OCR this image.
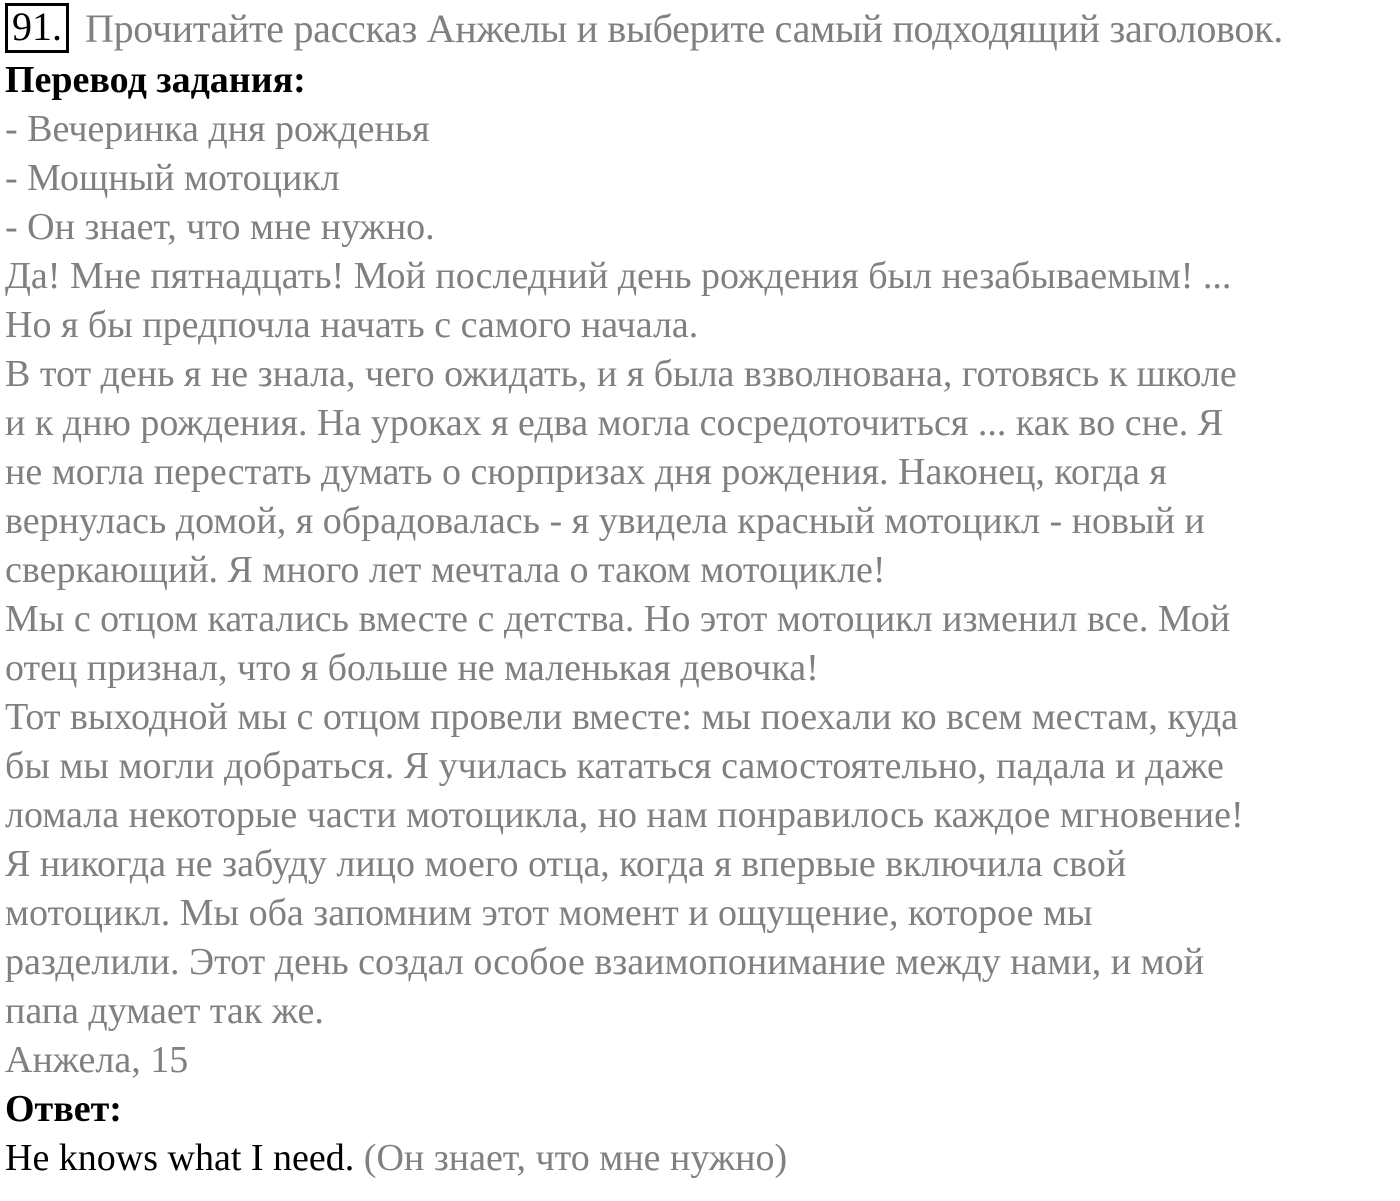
91. Прочитайте рассказ Анжелы и выберите самый подходящий заголовок.
Перевод задания:
- Вечеринка дня рожденья
- Мощный мотоцикл
- Он знает, что мне нужно.
Да! Мне пятнадцать! Мой последний день рождения был незабываемым! ...
Но я бы предпочла начать с самого начала.
В тот день я не знала, чего ожидать, и я была взволнована, готовясь к школе
и к дню рождения. На уроках я едва могла сосредоточиться ... как во сне. Я
не могла перестать думать о сюрпризах дня рождения. Наконец, когда я
вернулась домой, я обрадовалась - я увидела красный мотоцикл - новый и
сверкающий. Я много лет мечтала о таком мотоцикле!
Мы с отцом катались вместе с детства. Но этот мотоцикл изменил все. Мой
отец признал, что я больше не маленькая девочка!
Тот выходной мы с отцом провели вместе: мы поехали ко всем местам, куда
бы мы могли добраться. Я училась кататься самостоятельно, падала и даже
ломала некоторые части мотоцикла, но нам понравилось каждое мгновение!
Я никогда не забуду лицо моего отца, когда я впервые включила свой
мотоцикл. Мы оба запомним этот момент и ощущение, которое мы
разделили. Этот день создал особое взаимопонимание между нами, и мой
папа думает так же.
Анжела, 15
Ответ:
He knows what I need. (Он знает, что мне нужно)
